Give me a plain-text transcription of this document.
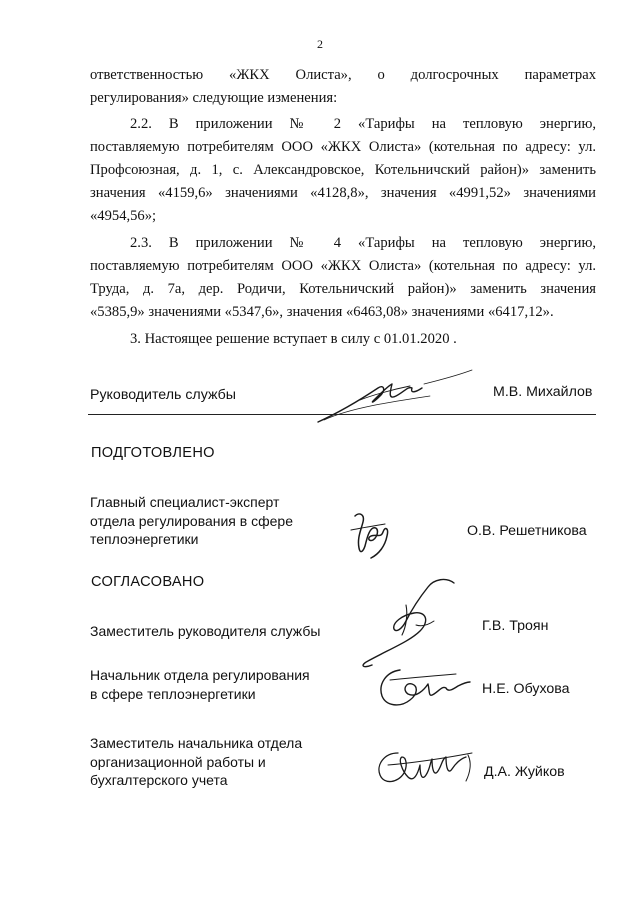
2
ответственностью «ЖКХ Олиста», о долгосрочных параметрах
регулирования» следующие изменения:
2.2. В приложении № 2 «Тарифы на тепловую энергию,
поставляемую потребителям ООО «ЖКХ Олиста» (котельная по адресу: ул.
Профсоюзная, д. 1, с. Александровское, Котельничский район)» заменить
значения «4159,6» значениями «4128,8», значения «4991,52» значениями
«4954,56»;
2.3. В приложении № 4 «Тарифы на тепловую энергию,
поставляемую потребителям ООО «ЖКХ Олиста» (котельная по адресу: ул.
Труда, д. 7а, дер. Родичи, Котельничский район)» заменить значения
«5385,9» значениями «5347,6», значения «6463,08» значениями «6417,12».
3. Настоящее решение вступает в силу с 01.01.2020 .
Руководитель службы	М.В. Михайлов
ПОДГОТОВЛЕНО
Главный специалист-эксперт
отдела регулирования в сфере
теплоэнергетики	О.В. Решетникова
СОГЛАСОВАНО
Заместитель руководителя службы	Г.В. Троян
Начальник отдела регулирования
в сфере теплоэнергетики	Н.Е. Обухова
Заместитель начальника отдела
организационной работы и
бухгалтерского учета	Д.А. Жуйков
